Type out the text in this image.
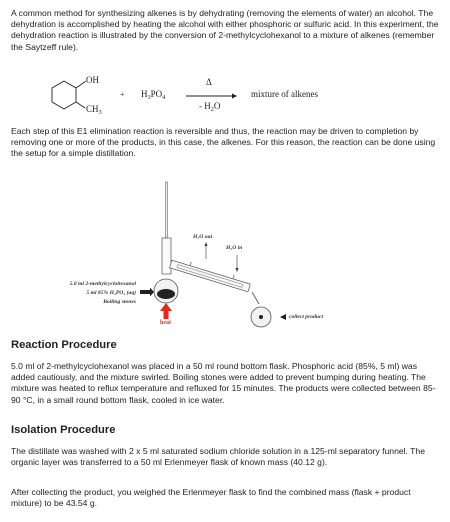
A common method for synthesizing alkenes is by dehydrating (removing the elements of water) an alcohol. The dehydration is accomplished by heating the alcohol with either phosphoric or sulfuric acid. In this experiment, the dehydration reaction is illustrated by the conversion of 2-methylcyclohexanol to a mixture of alkenes (remember the Saytzeff rule).

OH
$CH_3$
+ $H_3PO_4$
Δ
- $H_2O$
mixture of alkenes

Each step of this E1 elimination reaction is reversible and thus, the reaction may be driven to completion by removing one or more of the products, in this case, the alkenes. For this reason, the reaction can be done using the setup for a simple distillation.

H₂O out
H₂O in
5.0 ml 2-methylcyclohexanol
5 ml 85% H₃PO₄ (aq)
Boiling stones
heat
collect product
Reaction Procedure

5.0 ml of 2-methylcyclohexanol was placed in a 50 ml round bottom flask. Phosphoric acid (85%, 5 ml) was added cautiously, and the mixture swirled. Boiling stones were added to prevent bumping during heating. The mixture was heated to reflux temperature and refluxed for 15 minutes. The products were collected between 85-90 °C, in a small round bottom flask, cooled in ice water.

Isolation Procedure

The distillate was washed with 2 x 5 ml saturated sodium chloride solution in a 125-ml separatory funnel. The organic layer was transferred to a 50 ml Erlenmeyer flask of known mass (40.12 g).

After collecting the product, you weighed the Erlenmeyer flask to find the combined mass (flask + product mixture) to be 43.54 g.
